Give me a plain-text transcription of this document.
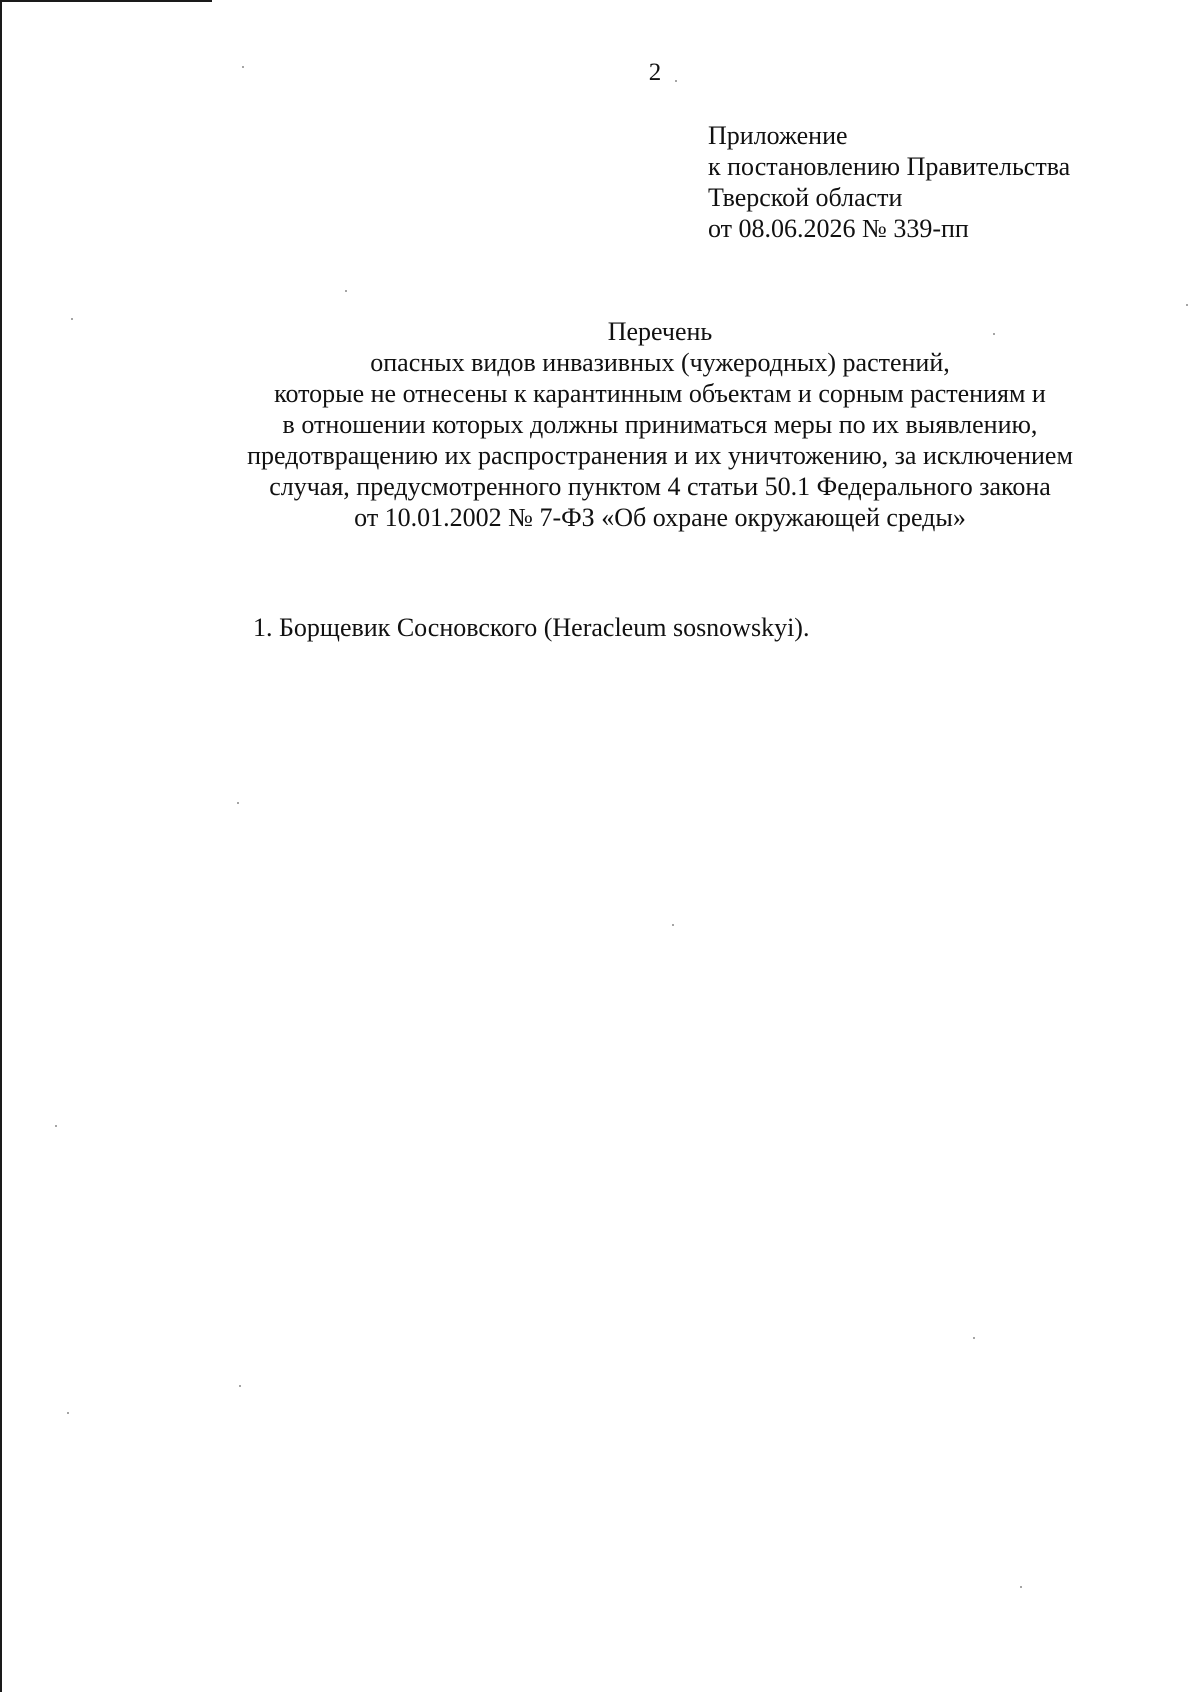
2
Приложение
к постановлению Правительства
Тверской области
от 08.06.2026 № 339-пп
Перечень
опасных видов инвазивных (чужеродных) растений,
которые не отнесены к карантинным объектам и сорным растениям и
в отношении которых должны приниматься меры по их выявлению,
предотвращению их распространения и их уничтожению, за исключением
случая, предусмотренного пунктом 4 статьи 50.1 Федерального закона
от 10.01.2002 № 7-ФЗ «Об охране окружающей среды»
1. Борщевик Сосновского (Heracleum sosnowskyi).
